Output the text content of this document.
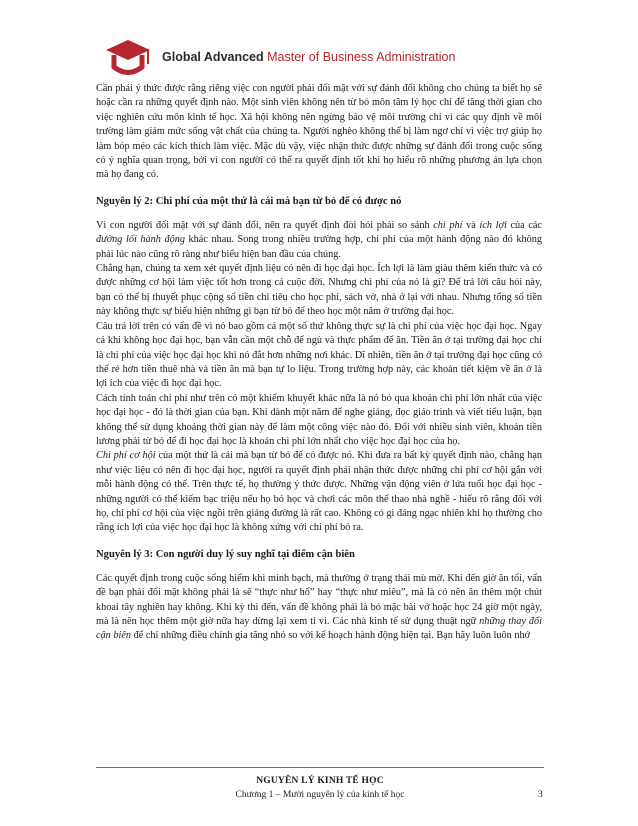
Global Advanced Master of Business Administration

Cần phải ý thức được rằng riêng việc con người phải đối mặt với sự đánh đổi không cho chúng ta biết họ sẽ hoặc cần ra những quyết định nào. Một sinh viên không nên từ bỏ môn tâm lý học chỉ để tăng thời gian cho việc nghiên cứu môn kinh tế học. Xã hội không nên ngừng bảo vệ môi trường chỉ vì các quy định về môi trường làm giảm mức sống vật chất của chúng ta. Người nghèo không thể bị làm ngơ chỉ vì việc trợ giúp họ làm bóp méo các kích thích làm việc. Mặc dù vậy, việc nhận thức được những sự đánh đổi trong cuộc sống có ý nghĩa quan trọng, bởi vì con người có thể ra quyết định tốt khi họ hiểu rõ những phương án lựa chọn mà họ đang có.

Nguyên lý 2: Chi phí của một thứ là cái mà bạn từ bỏ để có được nó

Vì con người đối mặt với sự đánh đổi, nên ra quyết định đòi hỏi phải so sánh chi phí và ích lợi của các đường lối hành động khác nhau. Song trong nhiều trường hợp, chi phí của một hành động nào đó không phải lúc nào cũng rõ ràng như biểu hiện ban đầu của chúng.

Chẳng hạn, chúng ta xem xét quyết định liệu có nên đi học đại học. Ích lợi là làm giàu thêm kiến thức và có được những cơ hội làm việc tốt hơn trong cả cuộc đời. Nhưng chi phí của nó là gì? Để trả lời câu hỏi này, bạn có thể bị thuyết phục cộng số tiền chi tiêu cho học phí, sách vở, nhà ở lại với nhau. Nhưng tổng số tiền này không thực sự biểu hiện những gì bạn từ bỏ để theo học một năm ở trường đại học.

Câu trả lời trên có vấn đề vì nó bao gồm cả một số thứ không thực sự là chi phí của việc học đại học. Ngay cả khi không học đại học, bạn vẫn cần một chỗ để ngủ và thực phẩm để ăn. Tiền ăn ở tại trường đại học chỉ là chi phí của việc học đại học khi nó đắt hơn những nơi khác. Dĩ nhiên, tiền ăn ở tại trường đại học cũng có thể rẻ hơn tiền thuê nhà và tiền ăn mà bạn tự lo liệu. Trong trường hợp này, các khoản tiết kiệm về ăn ở là lợi ích của việc đi học đại học.

Cách tính toán chi phí như trên có một khiếm khuyết khác nữa là nó bỏ qua khoản chi phí lớn nhất của việc học đại học - đó là thời gian của bạn. Khi dành một năm để nghe giảng, đọc giáo trình và viết tiểu luận, bạn không thể sử dụng khoảng thời gian này để làm một công việc nào đó. Đối với nhiều sinh viên, khoản tiền lương phải từ bỏ để đi học đại học là khoản chi phí lớn nhất cho việc học đại học của họ.

Chi phí cơ hội của một thứ là cái mà bạn từ bỏ để có được nó. Khi đưa ra bất kỳ quyết định nào, chẳng hạn như việc liệu có nên đi học đại học, người ra quyết định phải nhận thức được những chi phí cơ hội gắn với mỗi hành động có thể. Trên thực tế, họ thường ý thức được. Những vận động viên ở lứa tuổi học đại học - những người có thể kiếm bạc triệu nếu họ bỏ học và chơi các môn thể thao nhà nghề - hiểu rõ rằng đối với họ, chi phí cơ hội của việc ngồi trên giảng đường là rất cao. Không có gì đáng ngạc nhiên khi họ thường cho rằng ích lợi của việc học đại học là không xứng với chi phí bỏ ra.

Nguyên lý 3: Con người duy lý suy nghĩ tại điểm cận biên

Các quyết định trong cuộc sống hiếm khi minh bạch, mà thường ở trạng thái mù mờ. Khi đến giờ ăn tối, vấn đề bạn phải đối mặt không phải là sẽ “thực như hổ” hay “thực như miêu”, mà là có nên ăn thêm một chút khoai tây nghiền hay không. Khi kỳ thi đến, vấn đề không phải là bỏ mặc bài vở hoặc học 24 giờ một ngày, mà là nên học thêm một giờ nữa hay dừng lại xem ti vi. Các nhà kinh tế sử dụng thuật ngữ những thay đổi cận biên để chỉ những điều chỉnh gia tăng nhỏ so với kế hoạch hành động hiện tại. Bạn hãy luôn luôn nhớ

NGUYÊN LÝ KINH TẾ HỌC
Chương 1 – Mười nguyên lý của kinh tế học	3
